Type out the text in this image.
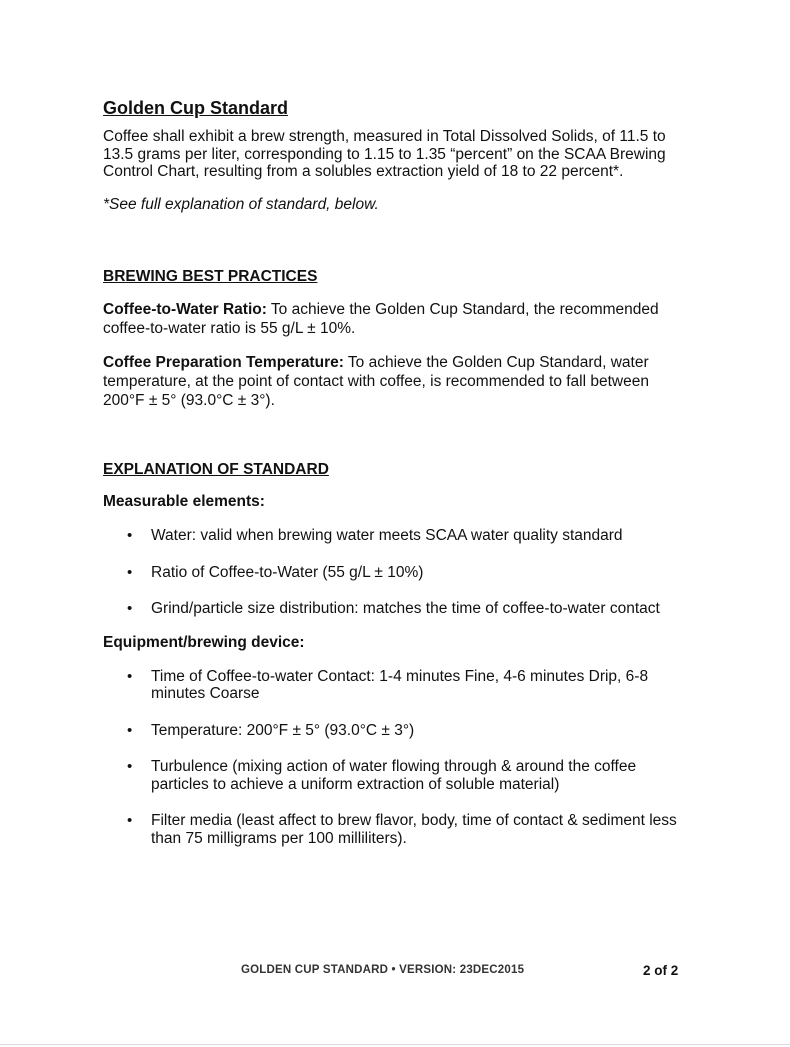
Golden Cup Standard

Coffee shall exhibit a brew strength, measured in Total Dissolved Solids, of 11.5 to 13.5 grams per liter, corresponding to 1.15 to 1.35 “percent” on the SCAA Brewing Control Chart, resulting from a solubles extraction yield of 18 to 22 percent*.

*See full explanation of standard, below.

BREWING BEST PRACTICES

Coffee-to-Water Ratio: To achieve the Golden Cup Standard, the recommended coffee-to-water ratio is 55 g/L ± 10%.

Coffee Preparation Temperature: To achieve the Golden Cup Standard, water temperature, at the point of contact with coffee, is recommended to fall between 200°F ± 5° (93.0°C ± 3°).

EXPLANATION OF STANDARD
Measurable elements:
• Water: valid when brewing water meets SCAA water quality standard
• Ratio of Coffee-to-Water (55 g/L ± 10%)
• Grind/particle size distribution: matches the time of coffee-to-water contact
Equipment/brewing device:
• Time of Coffee-to-water Contact: 1-4 minutes Fine, 4-6 minutes Drip, 6-8 minutes Coarse
• Temperature: 200°F ± 5° (93.0°C ± 3°)
• Turbulence (mixing action of water flowing through & around the coffee particles to achieve a uniform extraction of soluble material)
• Filter media (least affect to brew flavor, body, time of contact & sediment less than 75 milligrams per 100 milliliters).
GOLDEN CUP STANDARD • VERSION: 23DEC2015	2 of 2
